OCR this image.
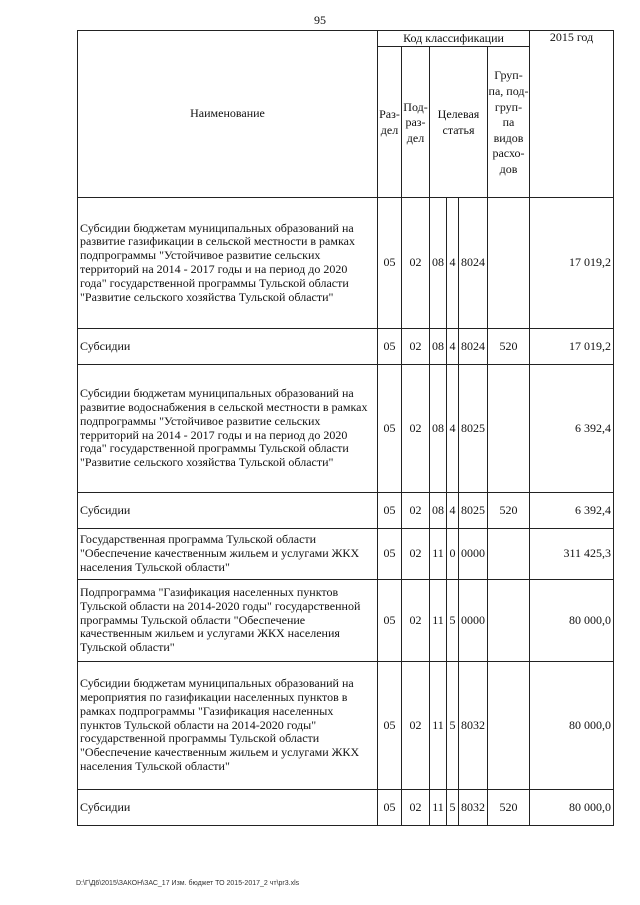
95
Наименование	Код классификации						2015 год
	Раз- дел	Под- раз- дел	Целевая статья			Груп- па, под- груп- па видов расхо- дов	
Субсидии бюджетам муниципальных образований на развитие газификации в сельской местности в рамках подпрограммы "Устойчивое развитие сельских территорий на 2014 - 2017 годы и на период до 2020 года" государственной программы Тульской области "Развитие сельского хозяйства Тульской области"	05	02	08	4	8024		17 019,2
Субсидии	05	02	08	4	8024	520	17 019,2
Субсидии бюджетам муниципальных образований на развитие водоснабжения в сельской местности в рамках подпрограммы "Устойчивое развитие сельских территорий на 2014 - 2017 годы и на период до 2020 года" государственной программы Тульской области "Развитие сельского хозяйства Тульской области"	05	02	08	4	8025		6 392,4
Субсидии	05	02	08	4	8025	520	6 392,4
Государственная программа Тульской области "Обеспечение качественным жильем и услугами ЖКХ населения Тульской области"	05	02	11	0	0000		311 425,3
Подпрограмма "Газификация населенных пунктов Тульской области на 2014-2020 годы" государственной программы Тульской области "Обеспечение качественным жильем и услугами ЖКХ населения Тульской области"	05	02	11	5	0000		80 000,0
Субсидии бюджетам муниципальных образований на мероприятия по газификации населенных пунктов в рамках подпрограммы "Газификация населенных пунктов Тульской области на 2014-2020 годы" государственной программы Тульской области "Обеспечение качественным жильем и услугами ЖКХ населения Тульской области"	05	02	11	5	8032		80 000,0
Субсидии	05	02	11	5	8032	520	80 000,0
D:\Г\Д6\2015\ЗАКОН\ЗАС_17 Изм. бюджет ТО 2015-2017_2 чт\pr3.xls
